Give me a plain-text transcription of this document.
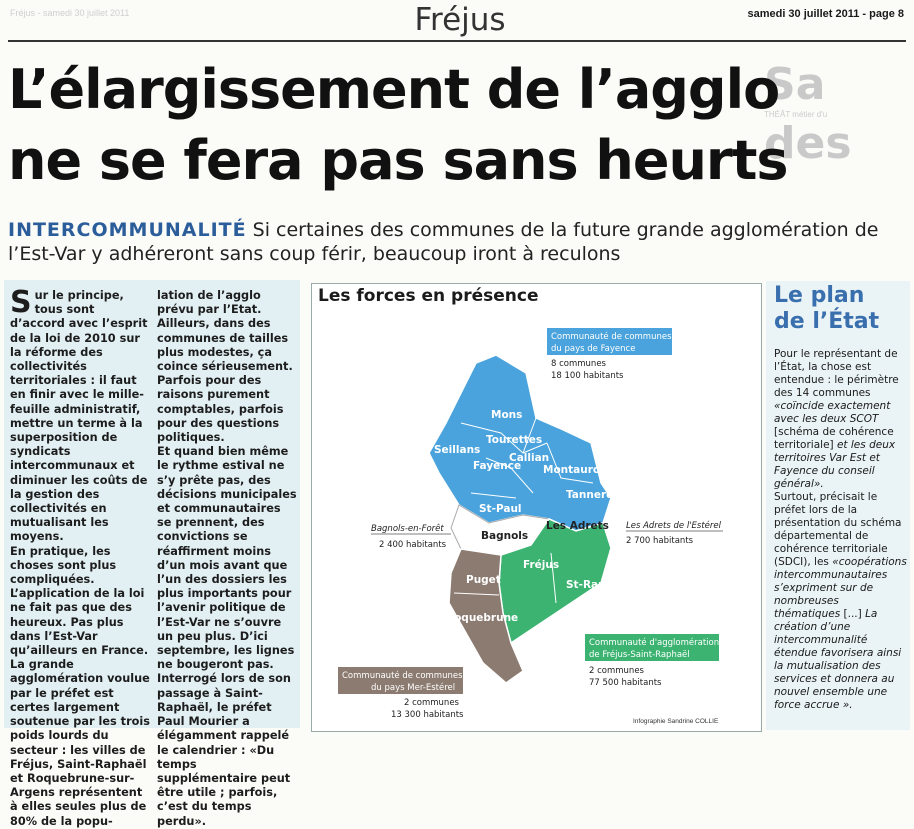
Fréjus - samedi 30 juillet 2011	Fréjus	samedi 30 juillet 2011 - page 8
Sa
THÉÂT métier d'u
des
L’élargissement de l’agglo
ne se fera pas sans heurts
INTERCOMMUNALITÉ Si certaines des communes de la future grande agglomération de l’Est-Var y adhéreront sans coup férir, beaucoup iront à reculons

Sur le principe, tous sont d’accord avec l’esprit de la loi de 2010 sur la réforme des collectivités territoriales : il faut en finir avec le mille-feuille administratif, mettre un terme à la superposition de syndicats intercommunaux et diminuer les coûts de la gestion des collectivités en mutualisant les moyens.

En pratique, les choses sont plus compliquées. L’application de la loi ne fait pas que des heureux. Pas plus dans l’Est-Var qu’ailleurs en France.

La grande agglomération voulue par le préfet est certes largement soutenue par les trois poids lourds du secteur : les villes de Fréjus, Saint-Raphaël et Roquebrune-sur-Argens représentent à elles seules plus de 80% de la popu-

lation de l’agglo prévu par l’Etat. Ailleurs, dans des communes de tailles plus modestes, ça coince sérieusement. Parfois pour des raisons purement comptables, parfois pour des questions politiques.

Et quand bien même le rythme estival ne s’y prête pas, des décisions municipales et communautaires se prennent, des convictions se réaffirment moins d’un mois avant que l’un des dossiers les plus importants pour l’avenir politique de l’Est-Var ne s’ouvre un peu plus. D’ici septembre, les lignes ne bougeront pas. Interrogé lors de son passage à Saint-Raphaël, le préfet Paul Mourier a élégamment rappelé le calendrier : «Du temps supplémentaire peut être utile ; parfois, c’est du temps perdu».

Les forces en présence
Mons
Seillans
Tourettes
Callian
Fayence Montauroux
Tanneron
St-Paul
Bagnols
Les Adrets
Fréjus
St-Raphaël
Puget
Roquebrune
Communauté de communes
du pays de Fayence
8 communes
18 100 habitants
Bagnols-en-Forêt
2 400 habitants
Les Adrets de l'Estérel
2 700 habitants
Communauté d'agglomération
de Fréjus-Saint-Raphaël
2 communes
77 500 habitants
Communauté de communes
du pays Mer-Estérel
2 communes
13 300 habitants
Infographie Sandrine COLLIE
Le plan
de l’État
Pour le représentant de l’État, la chose est entendue : le périmètre des 14 communes «coïncide exactement avec les deux SCOT [schéma de cohérence territoriale] et les deux territoires Var Est et Fayence du conseil général».
Surtout, précisait le préfet lors de la présentation du schéma départemental de cohérence territoriale (SDCI), les «coopérations intercommunautaires s’expriment sur de nombreuses thématiques [...] La création d’une intercommunalité étendue favorisera ainsi la mutualisation des services et donnera au nouvel ensemble une force accrue ».
